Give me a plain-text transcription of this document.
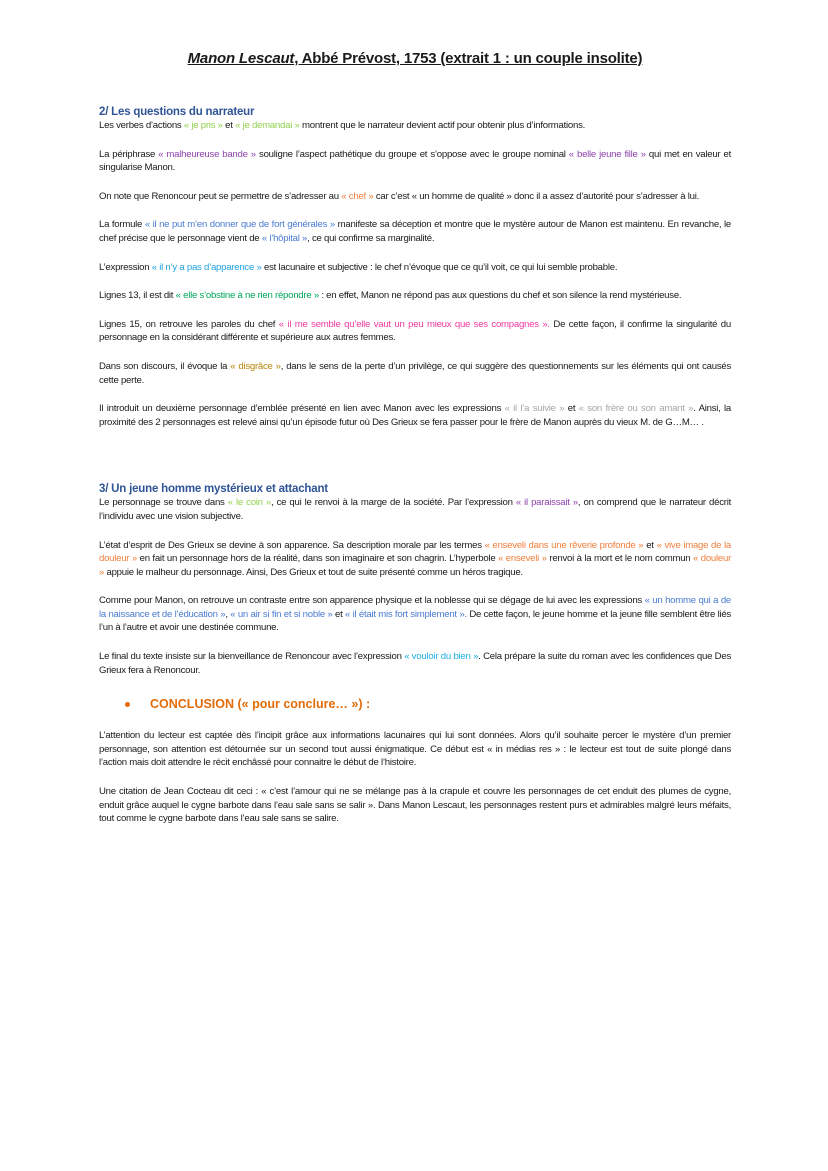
Manon Lescaut, Abbé Prévost, 1753 (extrait 1 : un couple insolite)
2/ Les questions du narrateur

Les verbes d’actions « je pris » et « je demandai » montrent que le narrateur devient actif pour obtenir plus d’informations.

La périphrase « malheureuse bande » souligne l’aspect pathétique du groupe et s’oppose avec le groupe nominal « belle jeune fille » qui met en valeur et singularise Manon.

On note que Renoncour peut se permettre de s’adresser au « chef » car c’est « un homme de qualité » donc il a assez d’autorité pour s’adresser à lui.

La formule « il ne put m’en donner que de fort générales » manifeste sa déception et montre que le mystère autour de Manon est maintenu. En revanche, le chef précise que le personnage vient de « l’hôpital », ce qui confirme sa marginalité.

L’expression « il n’y a pas d’apparence » est lacunaire et subjective : le chef n’évoque que ce qu’il voit, ce qui lui semble probable.

Lignes 13, il est dit « elle s’obstine à ne rien répondre » : en effet, Manon ne répond pas aux questions du chef et son silence la rend mystérieuse.

Lignes 15, on retrouve les paroles du chef « il me semble qu’elle vaut un peu mieux que ses compagnes ». De cette façon, il confirme la singularité du personnage en la considérant différente et supérieure aux autres femmes.

Dans son discours, il évoque la « disgrâce », dans le sens de la perte d’un privilège, ce qui suggère des questionnements sur les éléments qui ont causés cette perte.

Il introduit un deuxième personnage d’emblée présenté en lien avec Manon avec les expressions « il l’a suivie » et « son frère ou son amant ». Ainsi, la proximité des 2 personnages est relevé ainsi qu’un épisode futur où Des Grieux se fera passer pour le frère de Manon auprès du vieux M. de G…M… .

3/ Un jeune homme mystérieux et attachant

Le personnage se trouve dans « le coin », ce qui le renvoi à la marge de la société. Par l’expression « il paraissait », on comprend que le narrateur décrit l’individu avec une vision subjective.

L’état d’esprit de Des Grieux se devine à son apparence. Sa description morale par les termes « enseveli dans une rêverie profonde » et « vive image de la douleur » en fait un personnage hors de la réalité, dans son imaginaire et son chagrin. L’hyperbole « enseveli » renvoi à la mort et le nom commun « douleur » appuie le malheur du personnage. Ainsi, Des Grieux et tout de suite présenté comme un héros tragique.

Comme pour Manon, on retrouve un contraste entre son apparence physique et la noblesse qui se dégage de lui avec les expressions « un homme qui a de la naissance et de l’éducation », « un air si fin et si noble » et « il était mis fort simplement ». De cette façon, le jeune homme et la jeune fille semblent être liés l’un à l’autre et avoir une destinée commune.

Le final du texte insiste sur la bienveillance de Renoncour avec l’expression « vouloir du bien ». Cela prépare la suite du roman avec les confidences que Des Grieux fera à Renoncour.

CONCLUSION (« pour conclure… ») :

L’attention du lecteur est captée dès l’incipit grâce aux informations lacunaires qui lui sont données. Alors qu’il souhaite percer le mystère d’un premier personnage, son attention est détournée sur un second tout aussi énigmatique. Ce début est « in médias res » : le lecteur est tout de suite plongé dans l’action mais doit attendre le récit enchâssé pour connaitre le début de l’histoire.

Une citation de Jean Cocteau dit ceci : « c’est l’amour qui ne se mélange pas à la crapule et couvre les personnages de cet enduit des plumes de cygne, enduit grâce auquel le cygne barbote dans l’eau sale sans se salir ». Dans Manon Lescaut, les personnages restent purs et admirables malgré leurs méfaits, tout comme le cygne barbote dans l’eau sale sans se salire.
